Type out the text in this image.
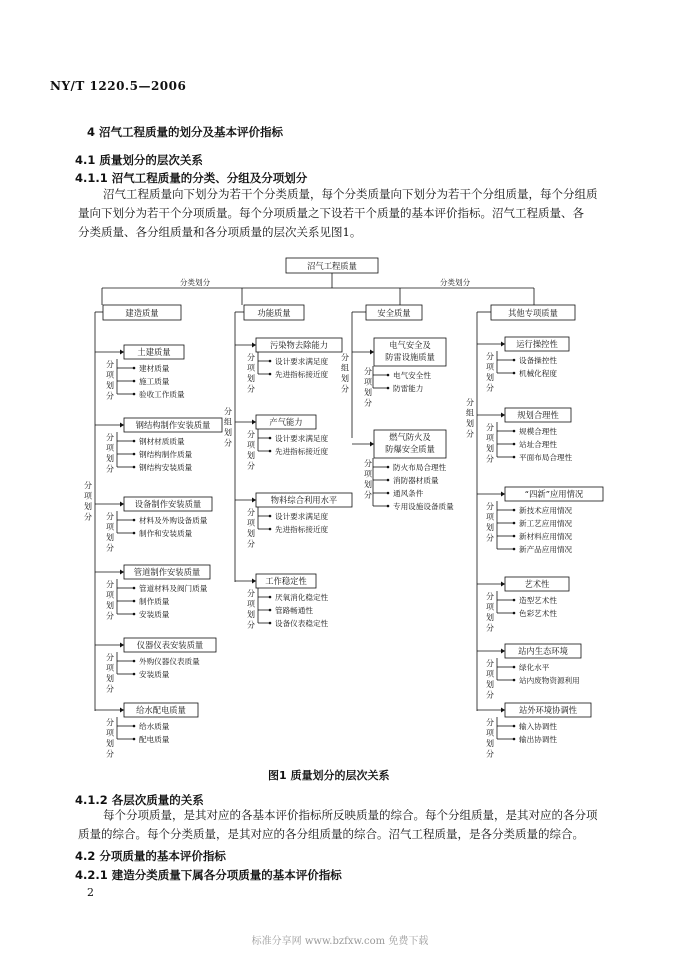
NY/T 1220.5—2006
4 沼气工程质量的划分及基本评价指标
4.1 质量划分的层次关系
4.1.1 沼气工程质量的分类、分组及分项划分
沼气工程质量向下划分为若干个分类质量，每个分类质量向下划分为若干个分组质量，每个分组质
量向下划分为若干个分项质量。每个分项质量之下设若干个质量的基本评价指标。沼气工程质量、各
分类质量、各分组质量和各分项质量的层次关系见图1。
沼气工程质量
分类划分	分类划分
建造质量
分
项
划
分
土建质量
分
项
划
分
建材质量
施工质量
验收工作质量
钢结构制作安装质量
分
项
划
分
钢材材质质量
钢结构制作质量
钢结构安装质量
设备制作安装质量
分
项
划
分
材料及外购设备质量
制作和安装质量
管道制作安装质量
分
项
划
分
管道材料及阀门质量
制作质量
安装质量
仪器仪表安装质量
分
项
划
分
外购仪器仪表质量
安装质量
给水配电质量
分
项
划
分
给水质量
配电质量
功能质量
分
组
划
分
污染物去除能力
分
项
划
分
设计要求满足度
先进指标接近度
产气能力
分
项
划
分
设计要求满足度
先进指标接近度
物料综合利用水平
分
项
划
分
设计要求满足度
先进指标接近度
工作稳定性
分
项
划
分
厌氧消化稳定性
管路畅通性
设备仪表稳定性
安全质量
分
组
划
分
电气安全及
防雷设施质量
分
项
划
分
电气安全性
防雷能力
燃气防火及
防爆安全质量
分
项
划
分
防火布局合理性
消防器材质量
通风条件
专用设施设备质量
其他专项质量
分
组
划
分
运行操控性
分
项
划
分
设备操控性
机械化程度
规划合理性
分
项
划
分
规模合理性
站址合理性
平面布局合理性
“四新”应用情况
分
项
划
分
新技术应用情况
新工艺应用情况
新材料应用情况
新产品应用情况
艺术性
分
项
划
分
造型艺术性
色彩艺术性
站内生态环境
分
项
划
分
绿化水平
站内废物资源利用
站外环境协调性
分
项
划
分
输入协调性
输出协调性
图1 质量划分的层次关系
4.1.2 各层次质量的关系
每个分项质量，是其对应的各基本评价指标所反映质量的综合。每个分组质量，是其对应的各分项
质量的综合。每个分类质量，是其对应的各分组质量的综合。沼气工程质量，是各分类质量的综合。
4.2 分项质量的基本评价指标
4.2.1 建造分类质量下属各分项质量的基本评价指标
2
标准分享网 www.bzfxw.com 免费下载
